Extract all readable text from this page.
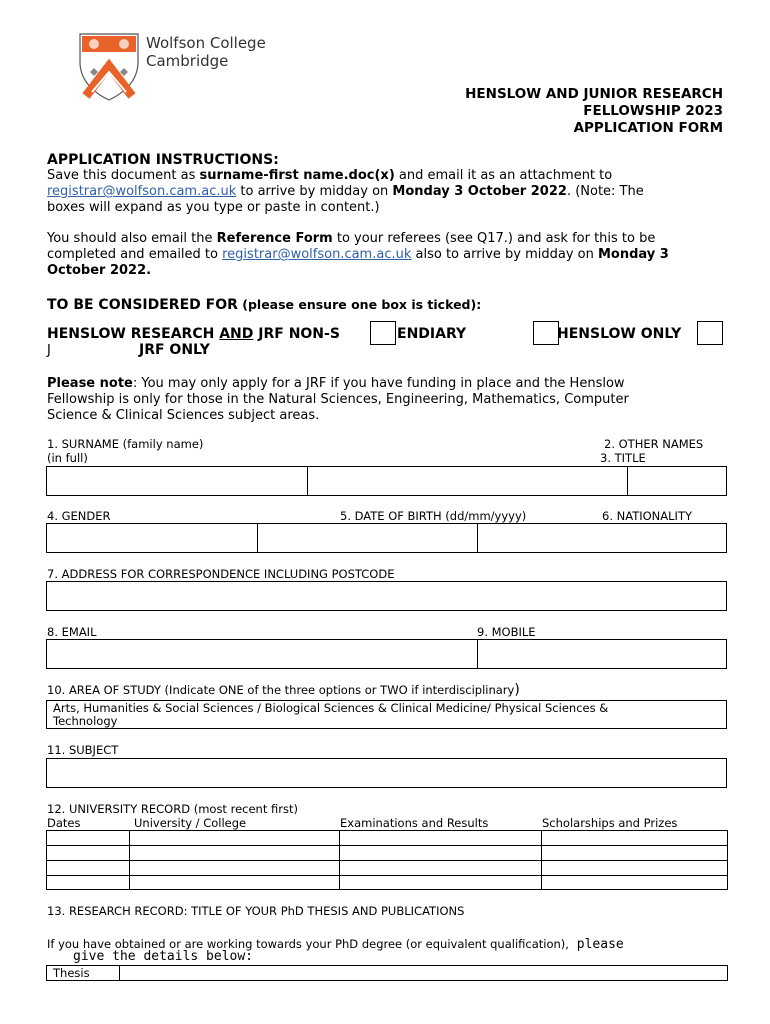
Wolfson College
Cambridge
HENSLOW AND JUNIOR RESEARCH
FELLOWSHIP 2023
APPLICATION FORM
APPLICATION INSTRUCTIONS:
Save this document as surname-first name.doc(x) and email it as an attachment to
registrar@wolfson.cam.ac.uk to arrive by midday on Monday 3 October 2022. (Note: The
boxes will expand as you type or paste in content.)
You should also email the Reference Form to your referees (see Q17.) and ask for this to be
completed and emailed to registrar@wolfson.cam.ac.uk also to arrive by midday on Monday 3
October 2022.
TO BE CONSIDERED FOR (please ensure one box is ticked):
HENSLOW RESEARCH AND JRF NON-S	ENDIARY	HENSLOW ONLY
J	JRF ONLY
Please note: You may only apply for a JRF if you have funding in place and the Henslow
Fellowship is only for those in the Natural Sciences, Engineering, Mathematics, Computer
Science & Clinical Sciences subject areas.
1. SURNAME (family name)
(in full)
2. OTHER NAMES
3. TITLE
4. GENDER	5. DATE OF BIRTH (dd/mm/yyyy)	6. NATIONALITY
7. ADDRESS FOR CORRESPONDENCE INCLUDING POSTCODE
8. EMAIL	9. MOBILE
10. AREA OF STUDY (Indicate ONE of the three options or TWO if interdisciplinary)
Arts, Humanities & Social Sciences / Biological Sciences & Clinical Medicine/ Physical Sciences &
Technology
11. SUBJECT
12. UNIVERSITY RECORD (most recent first)
Dates	University / College	Examinations and Results	Scholarships and Prizes
13. RESEARCH RECORD: TITLE OF YOUR PhD THESIS AND PUBLICATIONS
If you have obtained or are working towards your PhD degree (or equivalent qualification), please
give the details below:
Thesis
